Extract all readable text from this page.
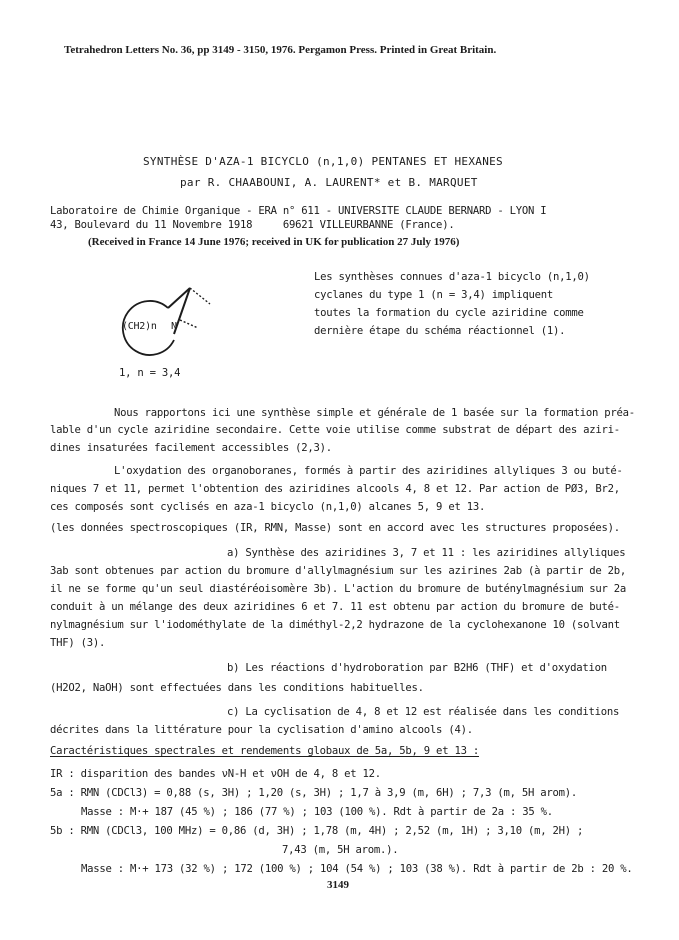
Tetrahedron Letters No. 36, pp 3149 - 3150, 1976. Pergamon Press. Printed in Great Britain.
SYNTHÈSE D'AZA-1 BICYCLO (n,1,0) PENTANES ET HEXANES
par R. CHAABOUNI, A. LAURENT* et B. MARQUET
Laboratoire de Chimie Organique - ERA n° 611 - UNIVERSITE CLAUDE BERNARD - LYON I
43, Boulevard du 11 Novembre 1918     69621 VILLEURBANNE (France).
(Received in France 14 June 1976; received in UK for publication 27 July 1976)
(CH2)n N
1, n = 3,4
Les synthèses connues d'aza-1 bicyclo (n,1,0)
cyclanes du type 1 (n = 3,4) impliquent
toutes la formation du cycle aziridine comme
dernière étape du schéma réactionnel (1).
Nous rapportons ici une synthèse simple et générale de 1 basée sur la formation préa-
lable d'un cycle aziridine secondaire. Cette voie utilise comme substrat de départ des aziri-
dines insaturées facilement accessibles (2,3).
L'oxydation des organoboranes, formés à partir des aziridines allyliques 3 ou buté-
niques 7 et 11, permet l'obtention des aziridines alcools 4, 8 et 12. Par action de PØ3, Br2,
ces composés sont cyclisés en aza-1 bicyclo (n,1,0) alcanes 5, 9 et 13.
(les données spectroscopiques (IR, RMN, Masse) sont en accord avec les structures proposées).
a) Synthèse des aziridines 3, 7 et 11 : les aziridines allyliques
3ab sont obtenues par action du bromure d'allylmagnésium sur les azirines 2ab (à partir de 2b,
il ne se forme qu'un seul diastéréoisomère 3b). L'action du bromure de buténylmagnésium sur 2a
conduit à un mélange des deux aziridines 6 et 7. 11 est obtenu par action du bromure de buté-
nylmagnésium sur l'iodométhylate de la diméthyl-2,2 hydrazone de la cyclohexanone 10 (solvant
THF) (3).
b) Les réactions d'hydroboration par B2H6 (THF) et d'oxydation
(H2O2, NaOH) sont effectuées dans les conditions habituelles.
c) La cyclisation de 4, 8 et 12 est réalisée dans les conditions
décrites dans la littérature pour la cyclisation d'amino alcools (4).
Caractéristiques spectrales et rendements globaux de 5a, 5b, 9 et 13 :
IR : disparition des bandes νN-H et νOH de 4, 8 et 12.
5a : RMN (CDCl3) = 0,88 (s, 3H) ; 1,20 (s, 3H) ; 1,7 à 3,9 (m, 6H) ; 7,3 (m, 5H arom).
Masse : M·+ 187 (45 %) ; 186 (77 %) ; 103 (100 %). Rdt à partir de 2a : 35 %.
5b : RMN (CDCl3, 100 MHz) = 0,86 (d, 3H) ; 1,78 (m, 4H) ; 2,52 (m, 1H) ; 3,10 (m, 2H) ;
7,43 (m, 5H arom.).
Masse : M·+ 173 (32 %) ; 172 (100 %) ; 104 (54 %) ; 103 (38 %). Rdt à partir de 2b : 20 %.
3149
